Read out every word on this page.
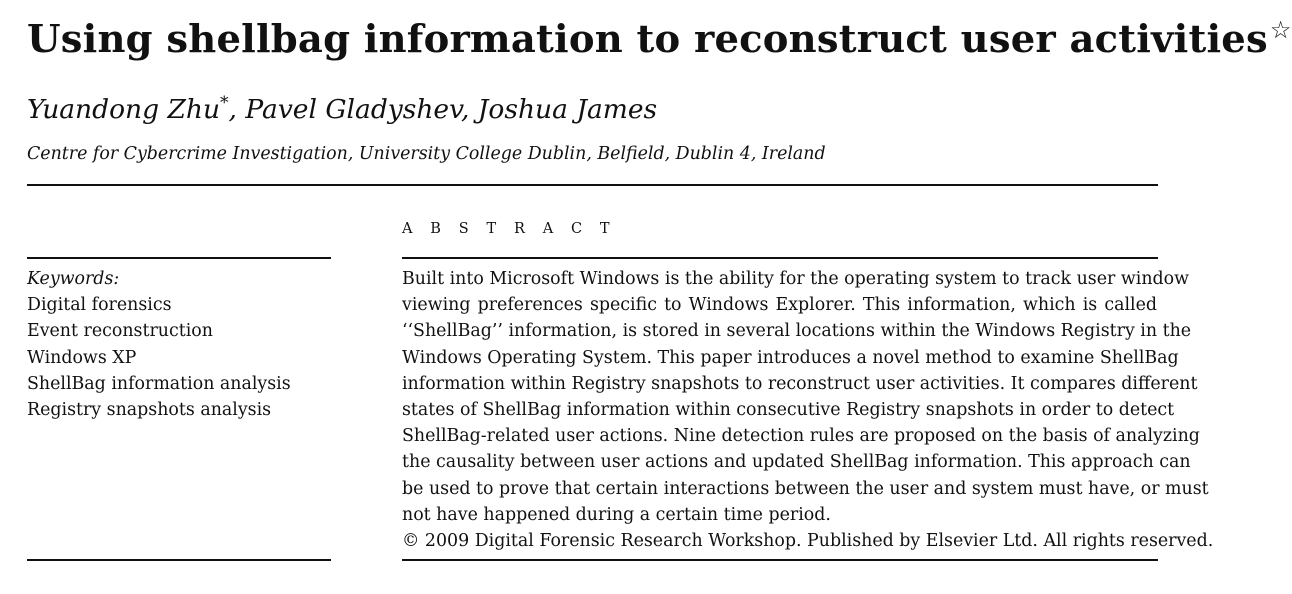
Using shellbag information to reconstruct user activities☆
Yuandong Zhu*, Pavel Gladyshev, Joshua James
Centre for Cybercrime Investigation, University College Dublin, Belfield, Dublin 4, Ireland
A B S T R A C T
Keywords:
Digital forensics
Event reconstruction
Windows XP
ShellBag information analysis
Registry snapshots analysis
Built into Microsoft Windows is the ability for the operating system to track user window
viewing preferences specific to Windows Explorer. This information, which is called
‘‘ShellBag’’ information, is stored in several locations within the Windows Registry in the
Windows Operating System. This paper introduces a novel method to examine ShellBag
information within Registry snapshots to reconstruct user activities. It compares different
states of ShellBag information within consecutive Registry snapshots in order to detect
ShellBag-related user actions. Nine detection rules are proposed on the basis of analyzing
the causality between user actions and updated ShellBag information. This approach can
be used to prove that certain interactions between the user and system must have, or must
not have happened during a certain time period.
© 2009 Digital Forensic Research Workshop. Published by Elsevier Ltd. All rights reserved.
